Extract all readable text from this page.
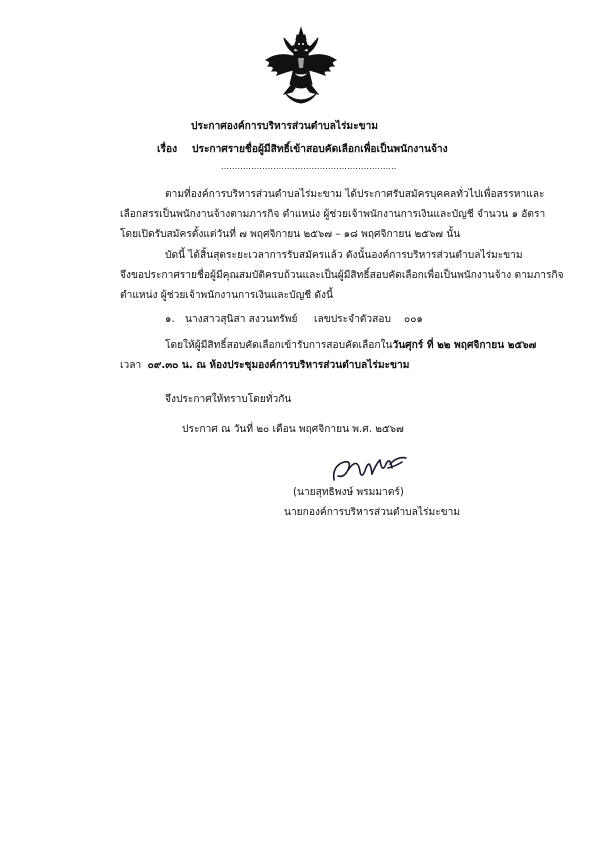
ประกาศองค์การบริหารส่วนตำบลไร่มะขาม
เรื่อง ประกาศรายชื่อผู้มีสิทธิ์เข้าสอบคัดเลือกเพื่อเป็นพนักงานจ้าง
................................................................
ตามที่องค์การบริหารส่วนตำบลไร่มะขาม ได้ประกาศรับสมัครบุคคลทั่วไปเพื่อสรรหาและ
เลือกสรรเป็นพนักงานจ้างตามภารกิจ ตำแหน่ง ผู้ช่วยเจ้าพนักงานการเงินและบัญชี จำนวน ๑ อัตรา
โดยเปิดรับสมัครตั้งแต่วันที่ ๗ พฤศจิกายน ๒๕๖๗ – ๑๘ พฤศจิกายน ๒๕๖๗ นั้น
บัดนี้ ได้สิ้นสุดระยะเวลาการรับสมัครแล้ว ดังนั้นองค์การบริหารส่วนตำบลไร่มะขาม
จึงขอประกาศรายชื่อผู้มีคุณสมบัติครบถ้วนและเป็นผู้มีสิทธิ์สอบคัดเลือกเพื่อเป็นพนักงานจ้าง ตามภารกิจ
ตำแหน่ง ผู้ช่วยเจ้าพนักงานการเงินและบัญชี ดังนี้
๑. นางสาวสุนิสา สงวนทรัพย์ เลขประจำตัวสอบ ๐๐๑
โดยให้ผู้มีสิทธิ์สอบคัดเลือกเข้ารับการสอบคัดเลือกในวันศุกร์ ที่ ๒๒ พฤศจิกายน ๒๕๖๗
เวลา ๐๙.๓๐ น. ณ ห้องประชุมองค์การบริหารส่วนตำบลไร่มะขาม
จึงประกาศให้ทราบโดยทั่วกัน
ประกาศ ณ วันที่ ๒๐ เดือน พฤศจิกายน พ.ศ. ๒๕๖๗
(นายสุทธิพงษ์ พรมมาตร์)
นายกองค์การบริหารส่วนตำบลไร่มะขาม
